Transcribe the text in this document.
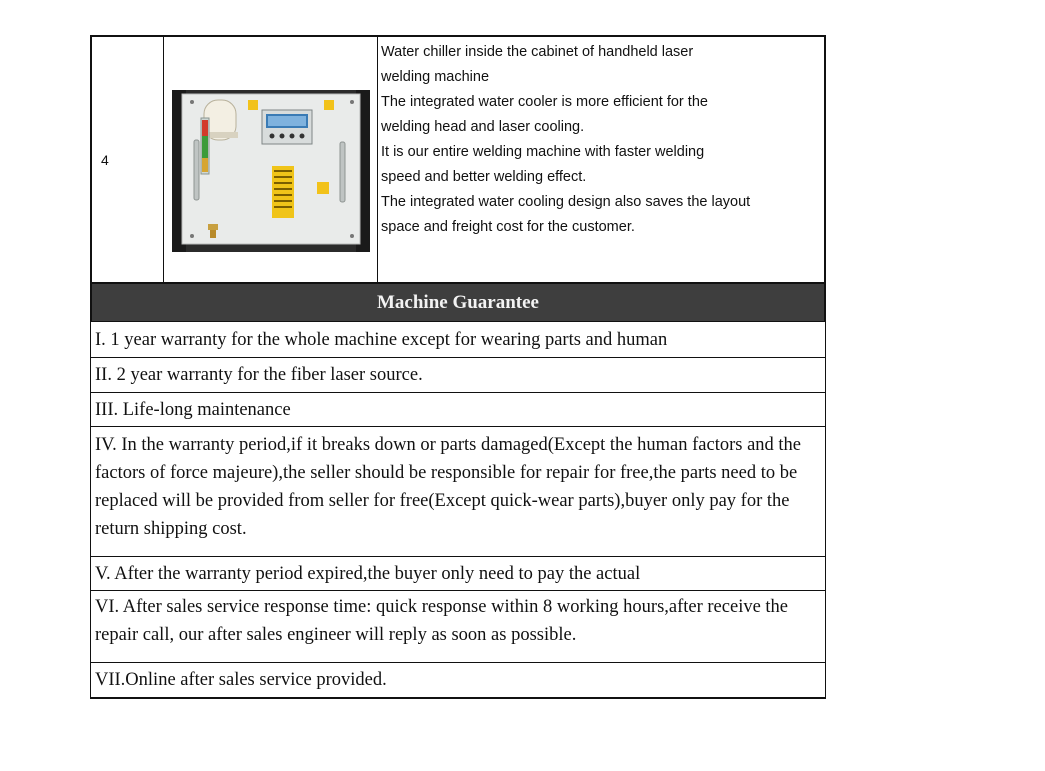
4

Water chiller inside the cabinet of handheld laser

welding machine

The integrated water cooler is more efficient for the

welding head and laser cooling.

It is our entire welding machine with faster welding

speed and better welding effect.

The integrated water cooling design also saves the layout

space and freight cost for the customer.

Machine Guarantee
I. 1 year warranty for the whole machine except for wearing parts and human
II. 2 year warranty for the fiber laser source.
III. Life-long maintenance
IV. In the warranty period,if it breaks down or parts damaged(Except the human factors and the factors of force majeure),the seller should be responsible for repair for free,the parts need to be replaced will be provided from seller for free(Except quick-wear parts),buyer only pay for the return shipping cost.
V. After the warranty period expired,the buyer only need to pay the actual
VI. After sales service response time: quick response within 8 working hours,after receive the repair call, our after sales engineer will reply as soon as possible.
VII.Online after sales service provided.
